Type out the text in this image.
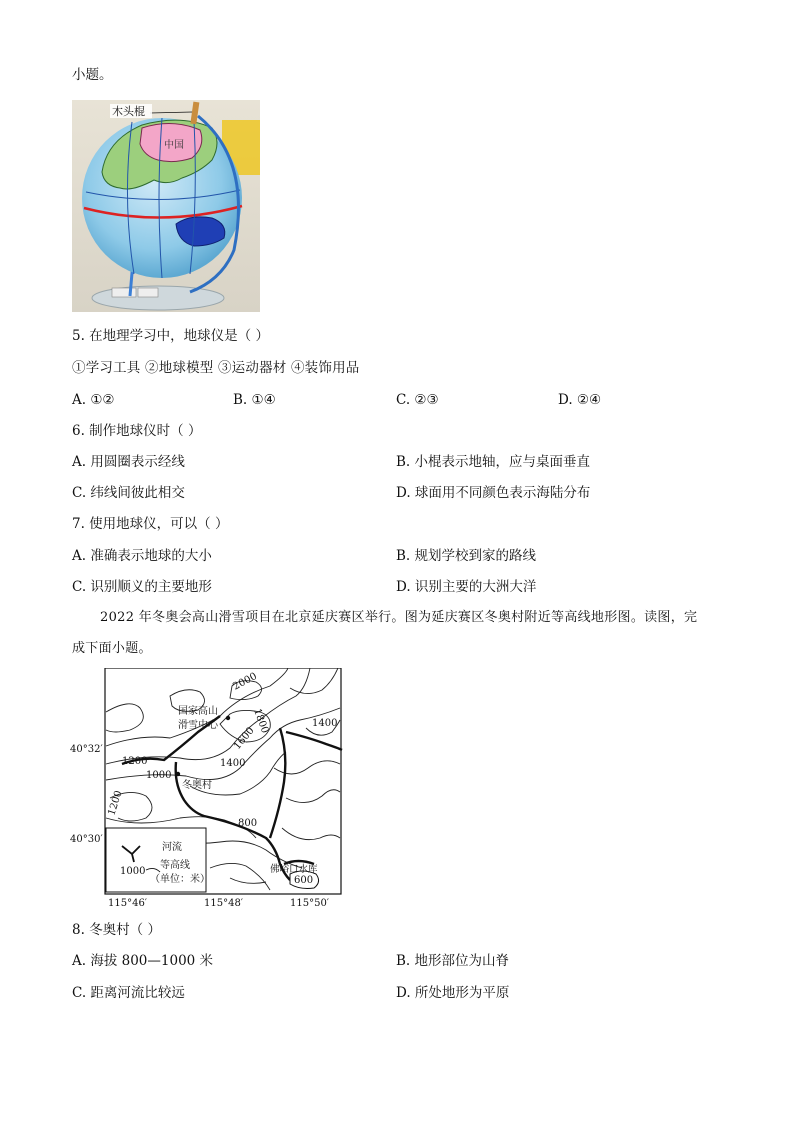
小题。
中国
木头棍
5. 在地理学习中，地球仪是（ ）
①学习工具 ②地球模型 ③运动器材 ④装饰用品
A. ①②	B. ①④	C. ②③	D. ②④
6. 制作地球仪时（ ）
A. 用圆圈表示经线	B. 小棍表示地轴，应与桌面垂直
C. 纬线间彼此相交	D. 球面用不同颜色表示海陆分布
7. 使用地球仪，可以（ ）
A. 准确表示地球的大小	B. 规划学校到家的路线
C. 识别顺义的主要地形	D. 识别主要的大洲大洋
2022 年冬奥会高山滑雪项目在北京延庆赛区举行。图为延庆赛区冬奥村附近等高线地形图。读图，完
成下面小题。
2000
1800
1600
1400
1400
1200
1000
1200
800
600
国家高山
滑雪中心
冬奥村
佛峪口水库
河流
1000
等高线
（单位：米）
40°32′
40°30′
115°46′	115°48′	115°50′
8. 冬奥村（ ）
A. 海拔 800—1000 米	B. 地形部位为山脊
C. 距离河流比较远	D. 所处地形为平原
